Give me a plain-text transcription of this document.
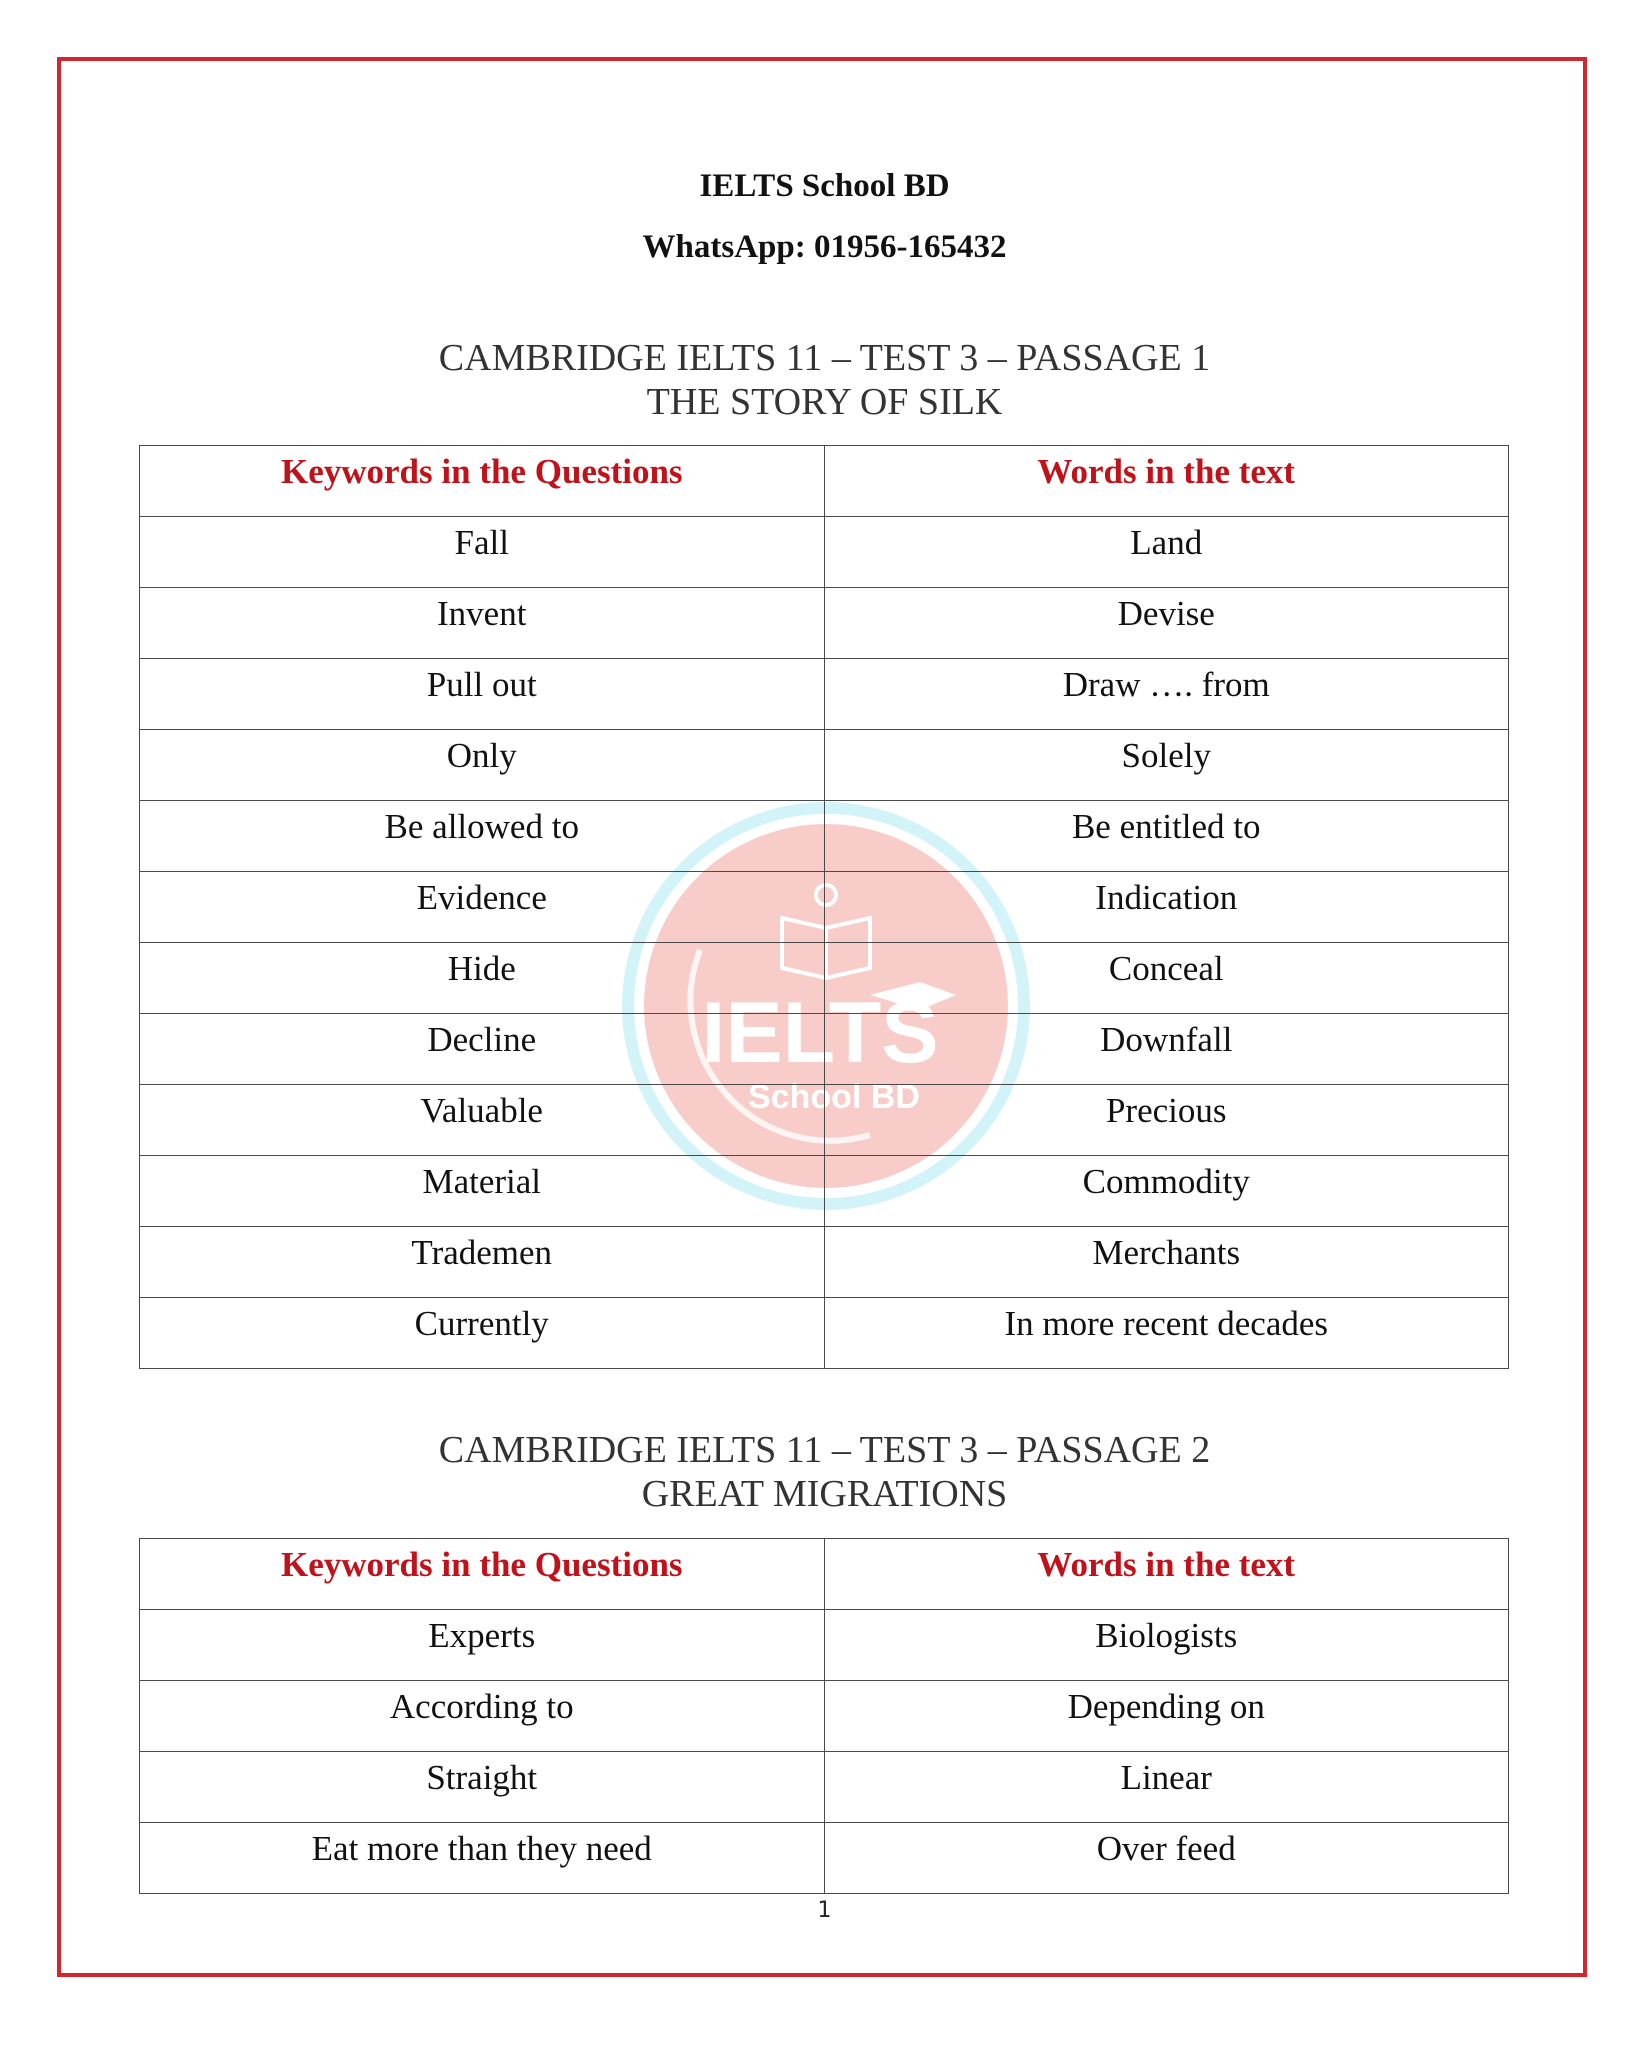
IELTS School BD
WhatsApp: 01956-165432
IELTS
School BD
CAMBRIDGE IELTS 11 – TEST 3 – PASSAGE 1
THE STORY OF SILK
Keywords in the Questions	Words in the text
Fall	Land
Invent	Devise
Pull out	Draw …. from
Only	Solely
Be allowed to	Be entitled to
Evidence	Indication
Hide	Conceal
Decline	Downfall
Valuable	Precious
Material	Commodity
Trademen	Merchants
Currently	In more recent decades
CAMBRIDGE IELTS 11 – TEST 3 – PASSAGE 2
GREAT MIGRATIONS
Keywords in the Questions	Words in the text
Experts	Biologists
According to	Depending on
Straight	Linear
Eat more than they need	Over feed
1
